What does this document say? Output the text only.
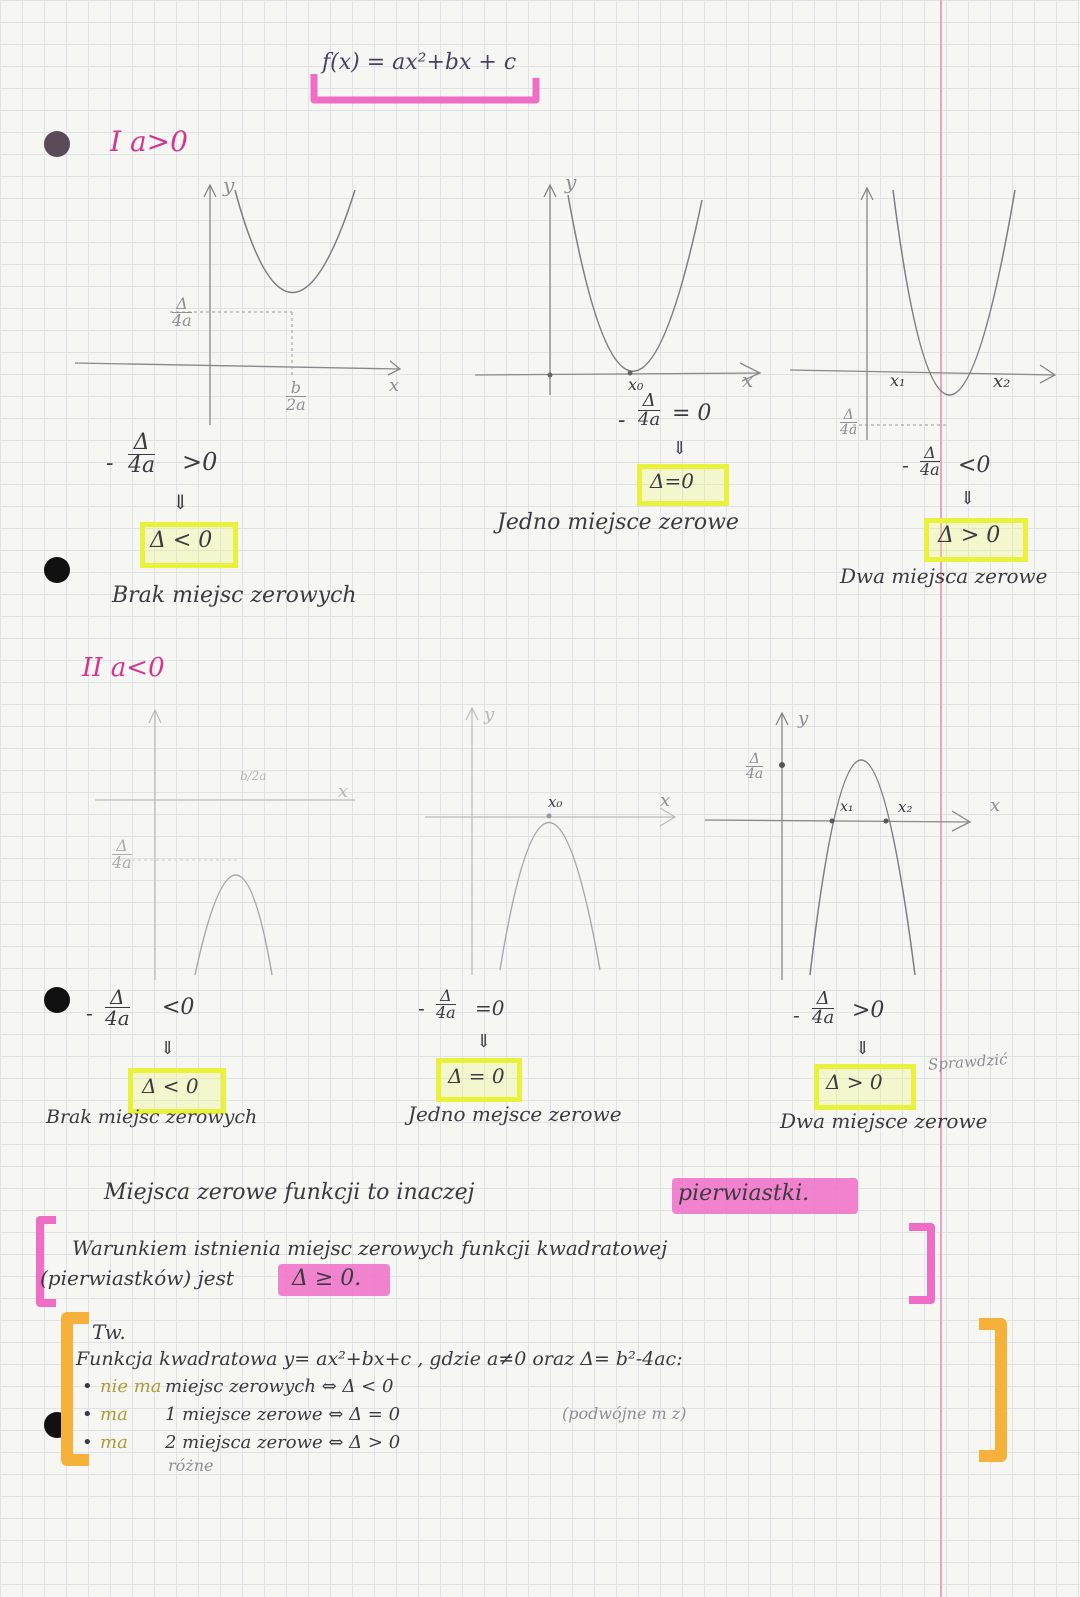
f(x) = ax²+bx + c
I a>0
y
x
$\frac{\Delta}{4a}$
$\frac{b}{2a}$
- $\frac{\Delta}{4a} >0$
⇓
Δ < 0
Brak miejsc zerowych
y
x
x₀
- $\frac{\Delta}{4a} = 0$
⇓
Δ=0
Jedno miejsce zerowe
x₁	x₂
$\frac{\Delta}{4a}$
- $\frac{\Delta}{4a} <0$
⇓
Δ > 0
Dwa miejsca zerowe
II a<0
x
b/2a
$\frac{\Delta}{4a}$
- $\frac{\Delta}{4a} <0$
⇓
Δ < 0
Brak miejsc zerowych
y
x
x₀
- $\frac{\Delta}{4a} =0$
⇓
Δ = 0
Jedno mejsce zerowe
y
x
x₁	x₂
$\frac{\Delta}{4a}$
- $\frac{\Delta}{4a} >0$
⇓
Δ > 0
Dwa miejsce zerowe
Sprawdzić
Miejsca zerowe funkcji to inaczej	pierwiastki.
Warunkiem istnienia miejsc zerowych funkcji kwadratowej
(pierwiastków) jest	Δ ≥ 0.
Tw.
Funkcja kwadratowa y= ax²+bx+c , gdzie a≠0 oraz Δ= b²-4ac:
• nie ma miejsc zerowych ⇔ Δ < 0
• ma 1 miejsce zerowe ⇔ Δ = 0	(podwójne m z)
• ma 2 miejsca zerowe ⇔ Δ > 0
różne
